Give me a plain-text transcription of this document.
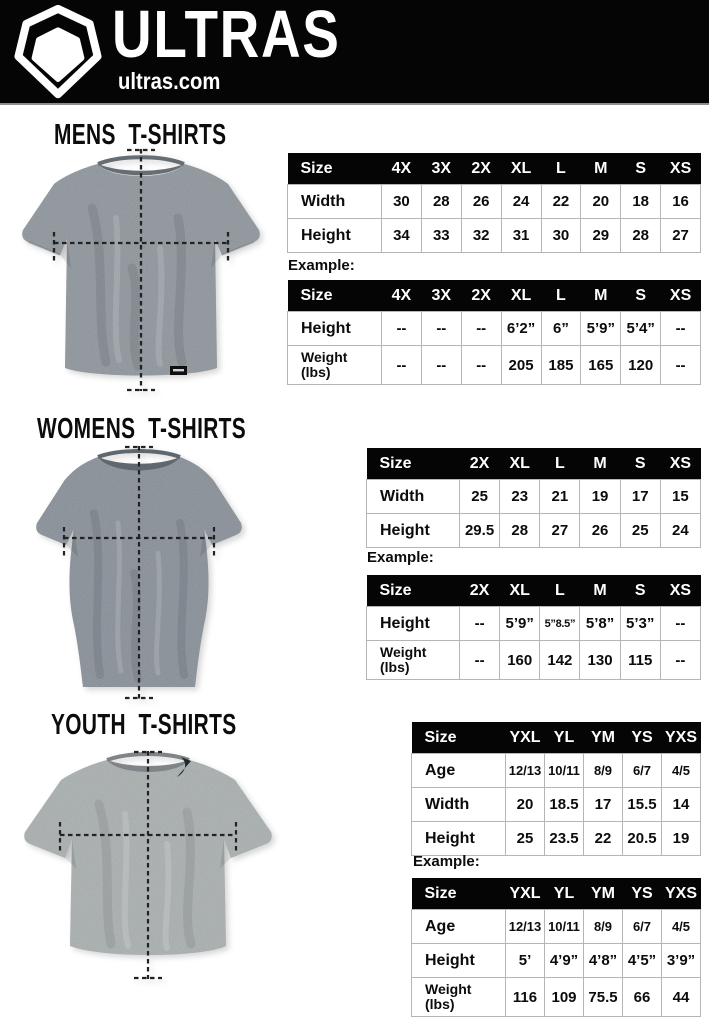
ULTRAS
ultras.com
MENS T-SHIRTS
Size	4X	3X	2X	XL	L	M	S	XS

Width	30	28	26	24	22	20	18	16

Height	34	33	32	31	30	29	28	27
Example:
Size	4X	3X	2X	XL	L	M	S	XS

Height	--	--	--	6’2”	6”	5’9”	5’4”	--

Weight
(lbs)	--	--	--	205	185	165	120	--
WOMENS T-SHIRTS
Size	2X	XL	L	M	S	XS

Width	25	23	21	19	17	15

Height	29.5	28	27	26	25	24
Example:
Size	2X	XL	L	M	S	XS

Height	--	5’9”	5”8.5”	5’8”	5’3”	--

Weight
(lbs)	--	160	142	130	115	--
YOUTH T-SHIRTS	Size	YXL	YL	YM	YS	YXS

Age	12/13	10/11	8/9	6/7	4/5

Width	20	18.5	17	15.5	14

Height	25	23.5	22	20.5	19
Example:
Size	YXL	YL	YM	YS	YXS

Age	12/13	10/11	8/9	6/7	4/5

Height	5’	4’9”	4’8”	4’5”	3’9”

Weight
(lbs)	116	109	75.5	66	44
